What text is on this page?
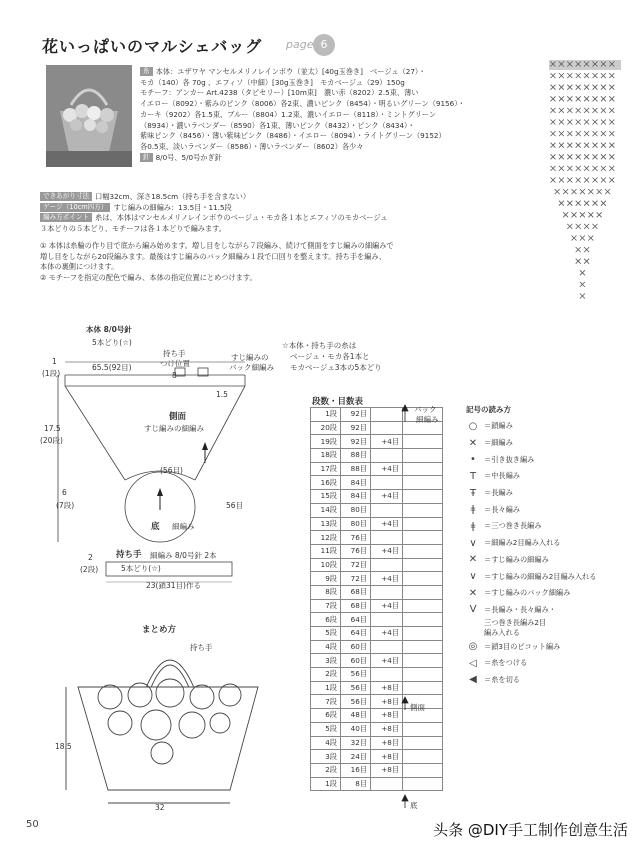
花いっぱいのマルシェバッグ page 6
糸 本体：ユザワヤ マンセルメリノレインボウ（並太）[40g玉巻き]　ベージュ（27）・
モカ（140）各 70g 、エフィソ（中細）[30g玉巻き]　モカベージュ（29）150g
モチーフ：アンカー Art.4238（タピセリー）[10m束]　濃い赤（8202）2.5束、薄い
イエロー（8092）・紫みのピンク（8006）各2束、濃いピンク（8454）・明るいグリーン（9156）・
カーキ（9202）各1.5束、ブルー（8804）1.2束、濃いイエロー（8118）・ミントグリーン
（8934）・濃いラベンダー（8590）各1束、薄いピンク（8432）・ピンク（8434）・
紫味ピンク（8456）・薄い紫味ピンク（8486）・イエロー（8094）・ライトグリーン（9152）
各0.5束、淡いラベンダー（8586）・薄いラベンダー（8602）各少々
針 8/0号、5/0号かぎ針
できあがり寸法 口幅32cm、深さ18.5cm（持ち手を含まない）
ゲージ（10cm四方） すじ編みの細編み：13.5目・11.5段
編み方ポイント 糸は、本体はマンセルメリノレインボウのベージュ・モカ各１本とエフィソのモカベージュ
３本どりの５本どり、モチーフは各１本どりで編みます。
① 本体は糸輪の作り目で底から編み始めます。増し目をしながら７段編み、続けて側面をすじ編みの細編みで
増し目をしながら20段編みます。最後はすじ編みのバック細編み１段で口回りを整えます。持ち手を編み、
本体の裏側につけます。
② モチーフを指定の配色で編み、本体の指定位置にとめつけます。
本体 8/0号針
5本どり(☆)	☆本体・持ち手の糸は
ベージュ・モカ各1本と
モカベージュ3本の5本どり
持ち手
つけ位置
すじ編みの
バック細編み
65.5(92目)
8
1.5
1
(1段)
17.5
(20段)
側面
すじ編みの細編み
(56目)
6
(7段)
底 細編み
56目
持ち手 細編み 8/0号針 2本
2
(2段)	5本どり(☆)
23(鎖31目)作る
まとめ方
持ち手
18.5
32
段数・目数表
1段	92目		
20段	92目		
19段	92目	+4目	
18段	88目		
17段	88目	+4目	
16段	84目		
15段	84目	+4目	
14段	80目		
13段	80目	+4目	
12段	76目		
11段	76目	+4目	
10段	72目		
9段	72目	+4目	
8段	68目		
7段	68目	+4目	
6段	64目		
5段	64目	+4目	
4段	60目		
3段	60目	+4目	
2段	56目		
1段	56目	+8目	
7段	56目	+8目	
6段	48目	+8目	
5段	40目	+8目	
4段	32目	+8目	
3段	24目	+8目	
2段	16目	+8目	
1段	8目		
バック
細編み
側面
底
記号の読み方
○ ＝鎖編み
✕ ＝細編み
•	＝引き抜き編み
T	＝中長編み
Ŧ	＝長編み
ǂ	＝長々編み
ǂ	＝三つ巻き長編み
∨	＝細編み2目編み入れる
✕ ＝すじ編みの細編み
∨	＝すじ編みの細編み2目編み入れる
✕ ＝すじ編みのバック細編み
V	＝長編み・長々編み・
三つ巻き長編み2目
編み入れる
◎ ＝鎖3目のピコット編み
◁ ＝糸をつける
◀ ＝糸を切る
50	头条 @DIY手工制作创意生活
